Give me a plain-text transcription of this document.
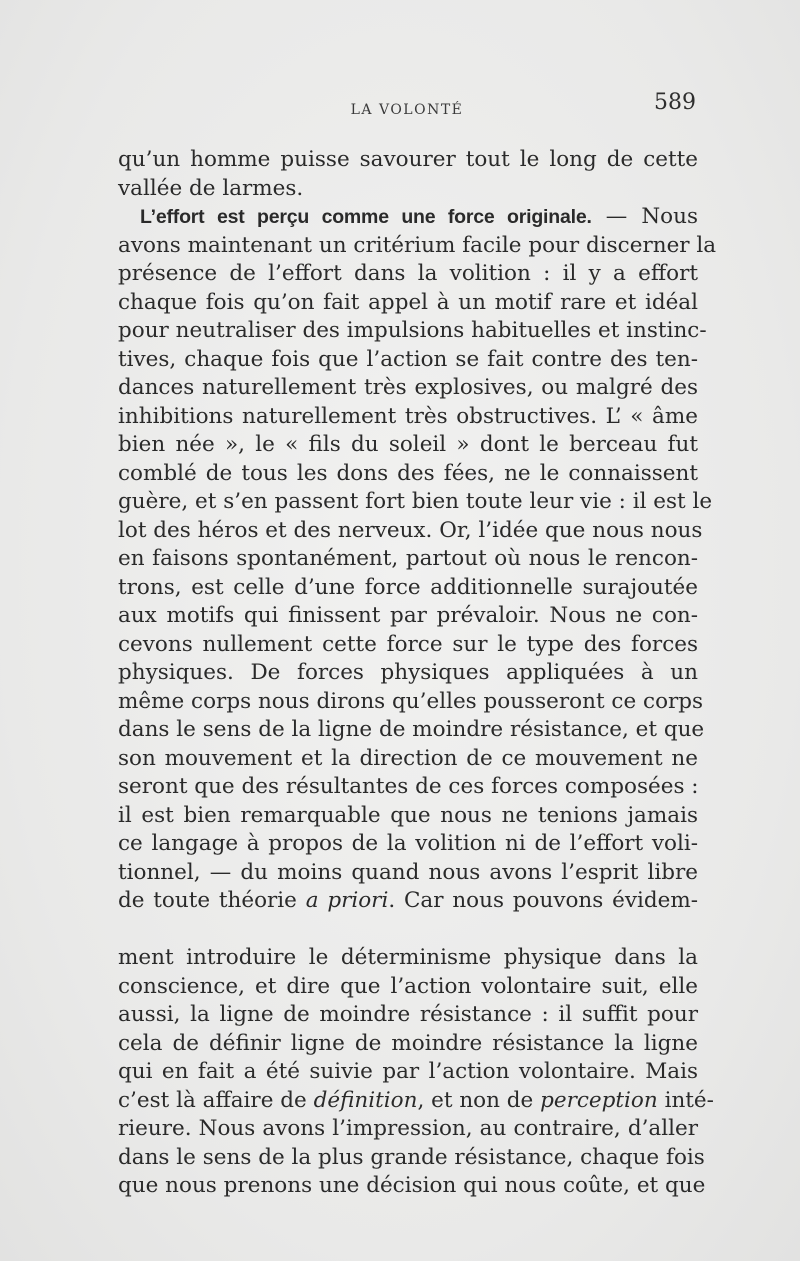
LA VOLONTÉ	589
qu’un homme puisse savourer tout le long de cette
vallée de larmes.
L’effort est perçu comme une force originale. — Nous
avons maintenant un critérium facile pour discerner la
présence de l’effort dans la volition : il y a effort
chaque fois qu’on fait appel à un motif rare et idéal
pour neutraliser des impulsions habituelles et instinc-
tives, chaque fois que l’action se fait contre des ten-
dances naturellement très explosives, ou malgré des
inhibitions naturellement très obstructives. L’ « âme
bien née », le « fils du soleil » dont le berceau fut
comblé de tous les dons des fées, ne le connaissent
guère, et s’en passent fort bien toute leur vie : il est le
lot des héros et des nerveux. Or, l’idée que nous nous
en faisons spontanément, partout où nous le rencon-
trons, est celle d’une force additionnelle surajoutée
aux motifs qui finissent par prévaloir. Nous ne con-
cevons nullement cette force sur le type des forces
physiques. De forces physiques appliquées à un
même corps nous dirons qu’elles pousseront ce corps
dans le sens de la ligne de moindre résistance, et que
son mouvement et la direction de ce mouvement ne
seront que des résultantes de ces forces composées :
il est bien remarquable que nous ne tenions jamais
ce langage à propos de la volition ni de l’effort voli-
tionnel, — du moins quand nous avons l’esprit libre
de toute théorie a priori. Car nous pouvons évidem-
ment introduire le déterminisme physique dans la
conscience, et dire que l’action volontaire suit, elle
aussi, la ligne de moindre résistance : il suffit pour
cela de définir ligne de moindre résistance la ligne
qui en fait a été suivie par l’action volontaire. Mais
c’est là affaire de définition, et non de perception inté-
rieure. Nous avons l’impression, au contraire, d’aller
dans le sens de la plus grande résistance, chaque fois
que nous prenons une décision qui nous coûte, et que
